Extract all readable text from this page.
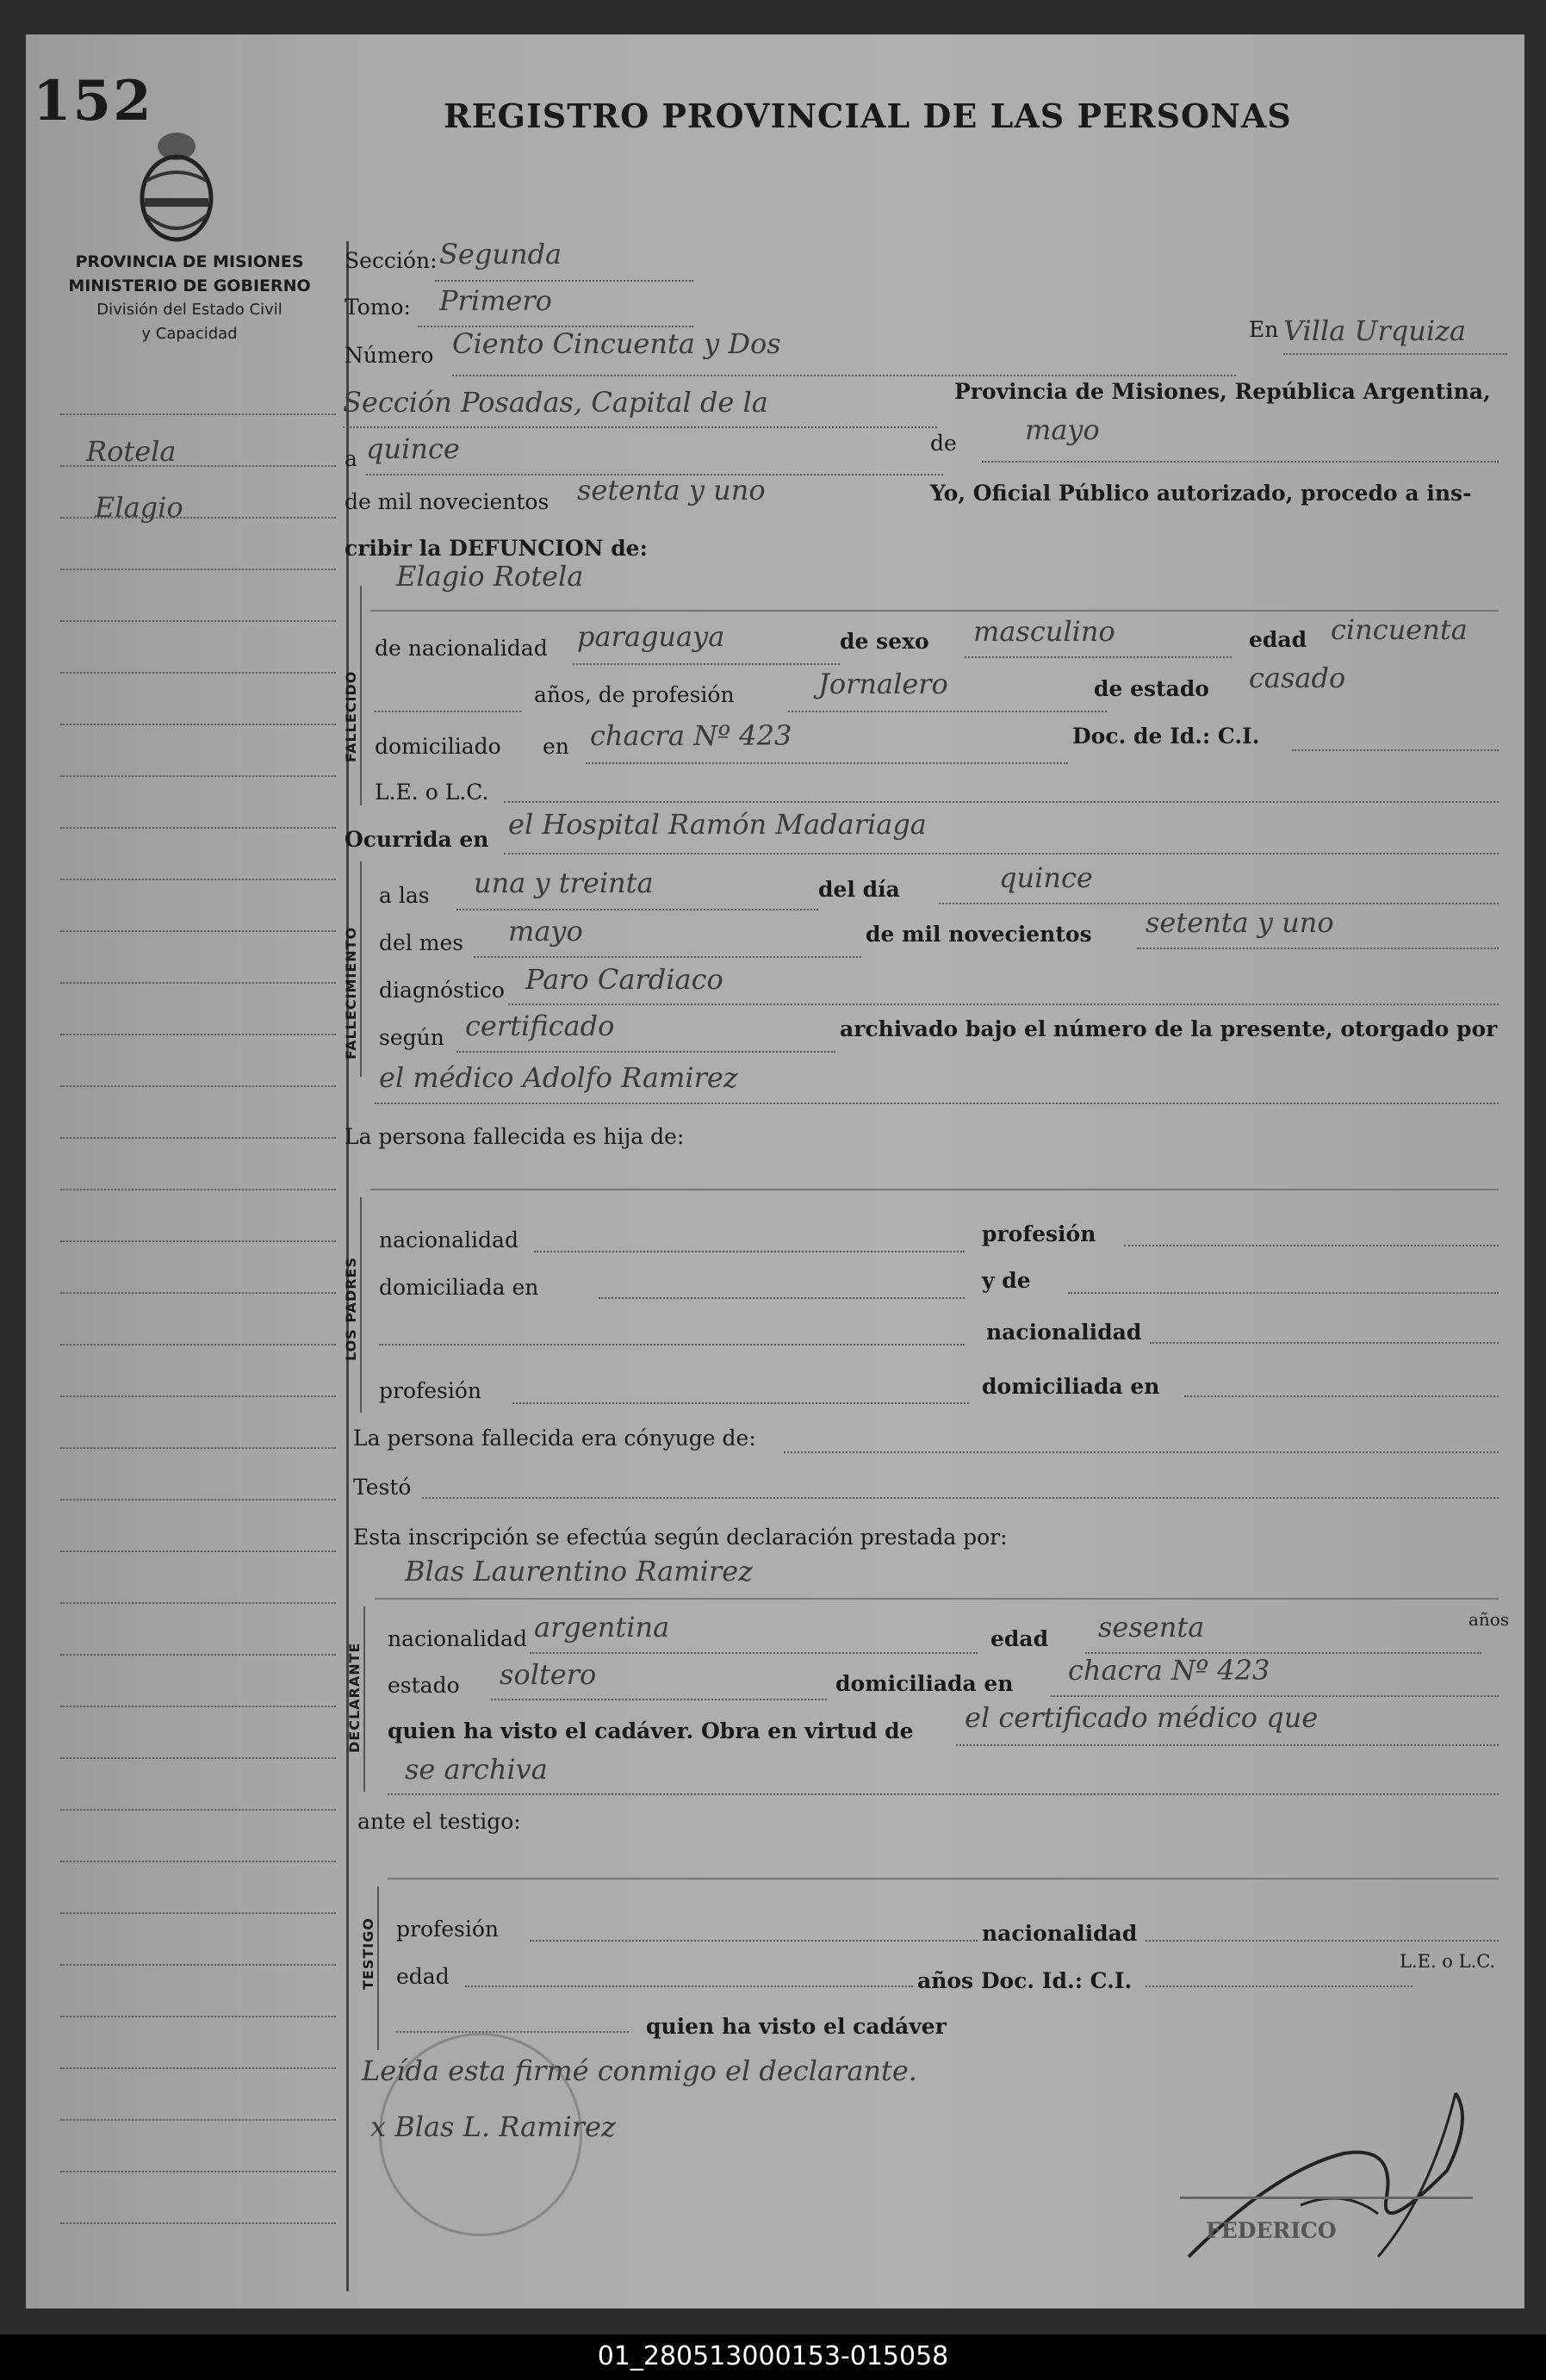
152	REGISTRO PROVINCIAL DE LAS PERSONAS
PROVINCIA DE MISIONES
MINISTERIO DE GOBIERNO
División del Estado Civil
y Capacidad
Rotela
Elagio
Sección: Segunda
Tomo: Primero
Número Ciento Cincuenta y Dos	En Villa Urquiza
Sección Posadas, Capital de la	Provincia de Misiones, República Argentina,
a quince	de mayo
de mil novecientos setenta y uno	Yo, Oficial Público autorizado, procedo a ins-
cribir la DEFUNCION de:
FALLECIDO
Elagio Rotela
de nacionalidad paraguaya	de sexo masculino	edad cincuenta
años, de profesión	Jornalero	de estado casado
domiciliado en chacra Nº 423	Doc. de Id.: C.I.
L.E. o L.C.
Ocurrida en el Hospital Ramón Madariaga
FALLECIMIENTO
a las una y treinta	del día	quince
del mes mayo	de mil novecientos setenta y uno
diagnóstico Paro Cardiaco
según certificado	archivado bajo el número de la presente, otorgado por
el médico Adolfo Ramirez
La persona fallecida es hija de:
LOS PADRES
nacionalidad	profesión
domiciliada en	y de
nacionalidad
profesión	domiciliada en
La persona fallecida era cónyuge de:
Testó
Esta inscripción se efectúa según declaración prestada por:
Blas Laurentino Ramirez
DECLARANTE
nacionalidad argentina	edad sesenta	años
estado soltero	domiciliada en chacra Nº 423
quien ha visto el cadáver. Obra en virtud de el certificado médico que
se archiva
ante el testigo:
TESTIGO profesión	nacionalidad
edad	años Doc. Id.: C.I.
L.E. o L.C.
quien ha visto el cadáver
Leída esta firmé conmigo el declarante.
x Blas L. Ramirez
FEDERICO
01_280513000153-015058
